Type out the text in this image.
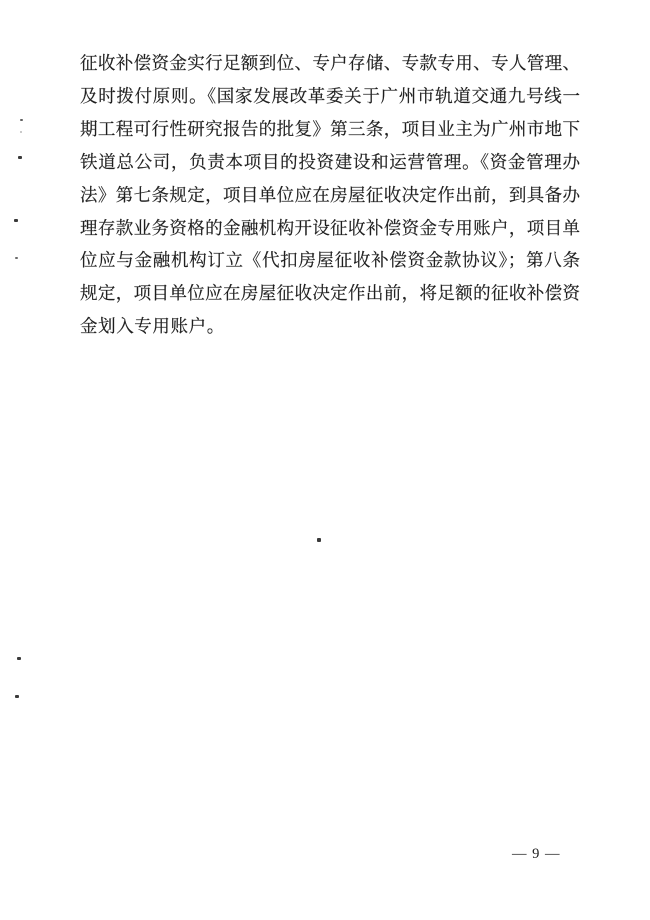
征收补偿资金实行足额到位、专户存储、专款专用、专人管理、
及时拨付原则。《国家发展改革委关于广州市轨道交通九号线一
期工程可行性研究报告的批复》第三条，项目业主为广州市地下
铁道总公司，负责本项目的投资建设和运营管理。《资金管理办
法》第七条规定，项目单位应在房屋征收决定作出前，到具备办
理存款业务资格的金融机构开设征收补偿资金专用账户，项目单
位应与金融机构订立《代扣房屋征收补偿资金款协议》；第八条
规定，项目单位应在房屋征收决定作出前，将足额的征收补偿资
金划入专用账户。
— 9 —
